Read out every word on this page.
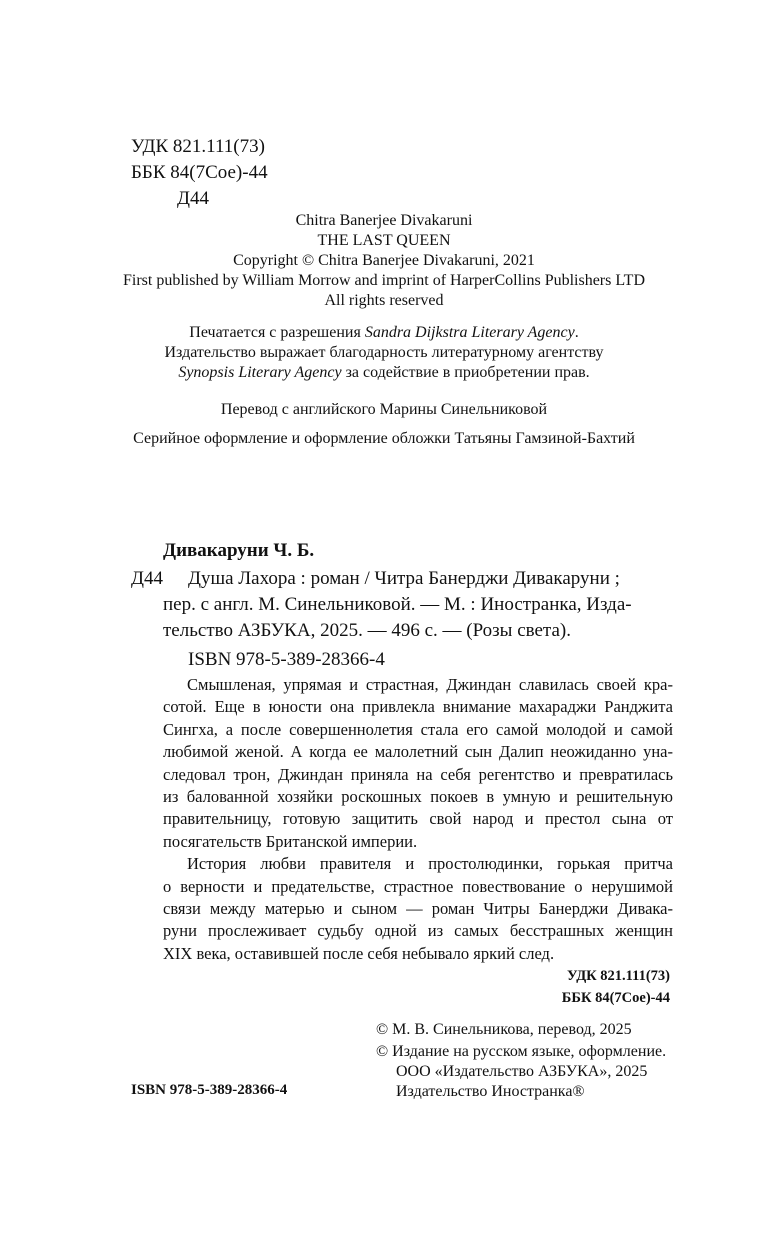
УДК 821.111(73)
ББК 84(7Сое)-44
Д44
Chitra Banerjee Divakaruni
THE LAST QUEEN
Copyright © Chitra Banerjee Divakaruni, 2021
First published by William Morrow and imprint of HarperCollins Publishers LTD
All rights reserved
Печатается с разрешения Sandra Dijkstra Literary Agency.
Издательство выражает благодарность литературному агентству
Synopsis Literary Agency за содействие в приобретении прав.
Перевод с английского Марины Синельниковой
Серийное оформление и оформление обложки Татьяны Гамзиной-Бахтий
Дивакаруни Ч. Б.
Д44 Душа Лахора : роман / Читра Банерджи Дивакаруни ;
пер. с англ. М. Синельниковой. — М. : Иностранка, Изда-
тельство АЗБУКА, 2025. — 496 с. — (Розы света).
ISBN 978-5-389-28366-4
Смышленая, упрямая и страстная, Джиндан славилась своей кра-
сотой. Еще в юности она привлекла внимание махараджи Ранджита
Сингха, а после совершеннолетия стала его самой молодой и самой
любимой женой. А когда ее малолетний сын Далип неожиданно уна-
следовал трон, Джиндан приняла на себя регентство и превратилась
из балованной хозяйки роскошных покоев в умную и решительную
правительницу, готовую защитить свой народ и престол сына от
посягательств Британской империи.
История любви правителя и простолюдинки, горькая притча
о верности и предательстве, страстное повествование о нерушимой
связи между матерью и сыном — роман Читры Банерджи Дивака-
руни прослеживает судьбу одной из самых бесстрашных женщин
XIX века, оставившей после себя небывало яркий след.
УДК 821.111(73)
ББК 84(7Сое)-44
© М. В. Синельникова, перевод, 2025
© Издание на русском языке, оформление.
ООО «Издательство АЗБУКА», 2025
Издательство Иностранка®
ISBN 978-5-389-28366-4
